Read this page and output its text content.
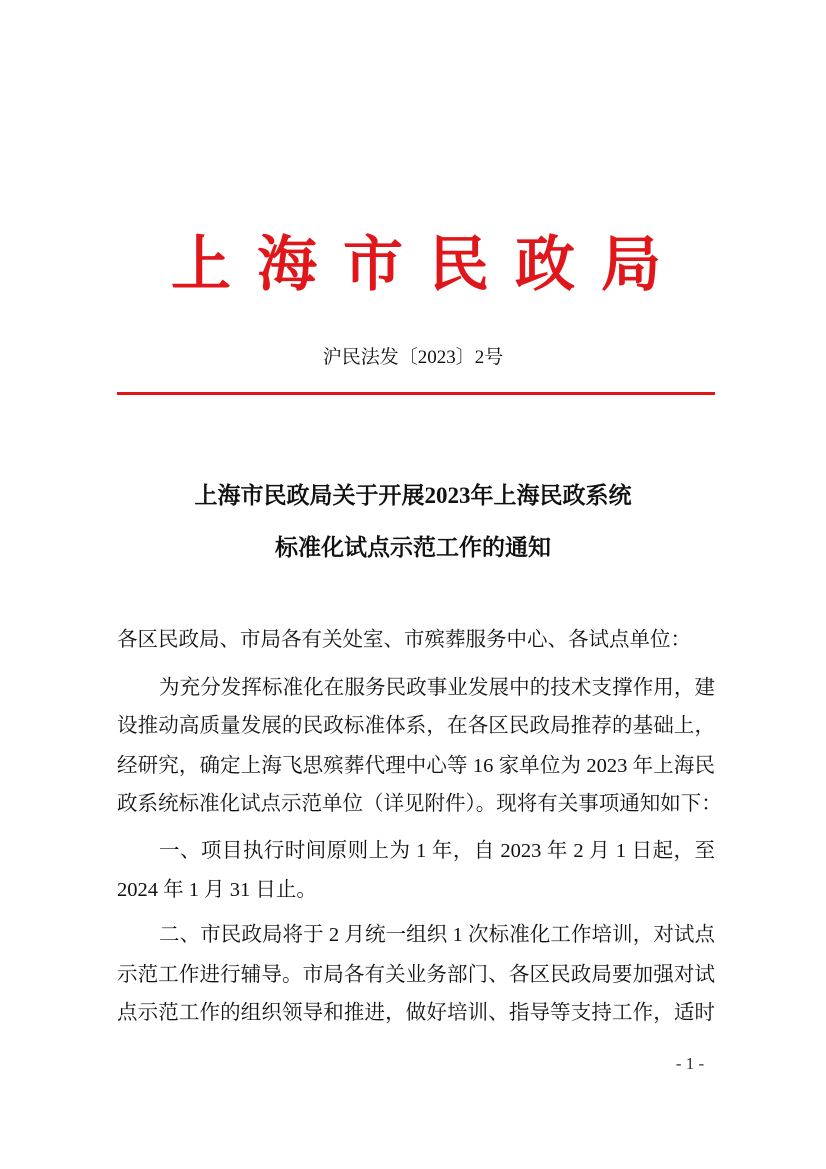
上海市民政局
沪民法发〔2023〕2号
上海市民政局关于开展2023年上海民政系统
标准化试点示范工作的通知
各区民政局、市局各有关处室、市殡葬服务中心、各试点单位：
为充分发挥标准化在服务民政事业发展中的技术支撑作用，建
设推动高质量发展的民政标准体系，在各区民政局推荐的基础上，
经研究，确定上海飞思殡葬代理中心等 16 家单位为 2023 年上海民
政系统标准化试点示范单位（详见附件）。现将有关事项通知如下：
一、项目执行时间原则上为 1 年，自 2023 年 2 月 1 日起，至
2024 年 1 月 31 日止。
二、市民政局将于 2 月统一组织 1 次标准化工作培训，对试点
示范工作进行辅导。市局各有关业务部门、各区民政局要加强对试
点示范工作的组织领导和推进，做好培训、指导等支持工作，适时
- 1 -
